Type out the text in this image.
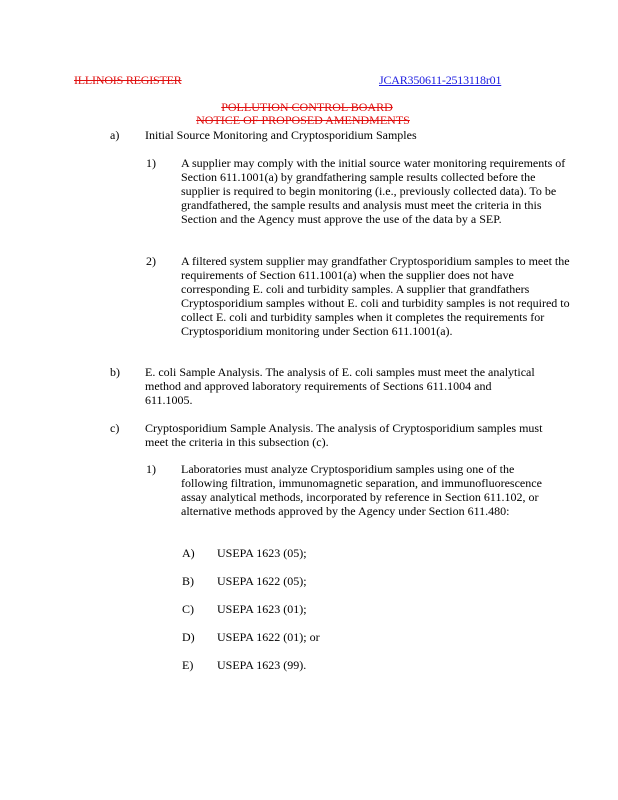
ILLINOIS REGISTER	JCAR350611-2513118r01
POLLUTION CONTROL BOARD
NOTICE OF PROPOSED AMENDMENTS
a) Initial Source Monitoring and Cryptosporidium Samples
1) A supplier may comply with the initial source water monitoring requirements of Section 611.1001(a) by grandfathering sample results collected before the supplier is required to begin monitoring (i.e., previously collected data). To be grandfathered, the sample results and analysis must meet the criteria in this Section and the Agency must approve the use of the data by a SEP.
2) A filtered system supplier may grandfather Cryptosporidium samples to meet the requirements of Section 611.1001(a) when the supplier does not have corresponding E. coli and turbidity samples. A supplier that grandfathers Cryptosporidium samples without E. coli and turbidity samples is not required to collect E. coli and turbidity samples when it completes the requirements for Cryptosporidium monitoring under Section 611.1001(a).
b) E. coli Sample Analysis. The analysis of E. coli samples must meet the analytical method and approved laboratory requirements of Sections 611.1004 and 611.1005.
c) Cryptosporidium Sample Analysis. The analysis of Cryptosporidium samples must meet the criteria in this subsection (c).
1) Laboratories must analyze Cryptosporidium samples using one of the following filtration, immunomagnetic separation, and immunofluorescence assay analytical methods, incorporated by reference in Section 611.102, or alternative methods approved by the Agency under Section 611.480:
A) USEPA 1623 (05);
B) USEPA 1622 (05);
C) USEPA 1623 (01);
D) USEPA 1622 (01); or
E) USEPA 1623 (99).
